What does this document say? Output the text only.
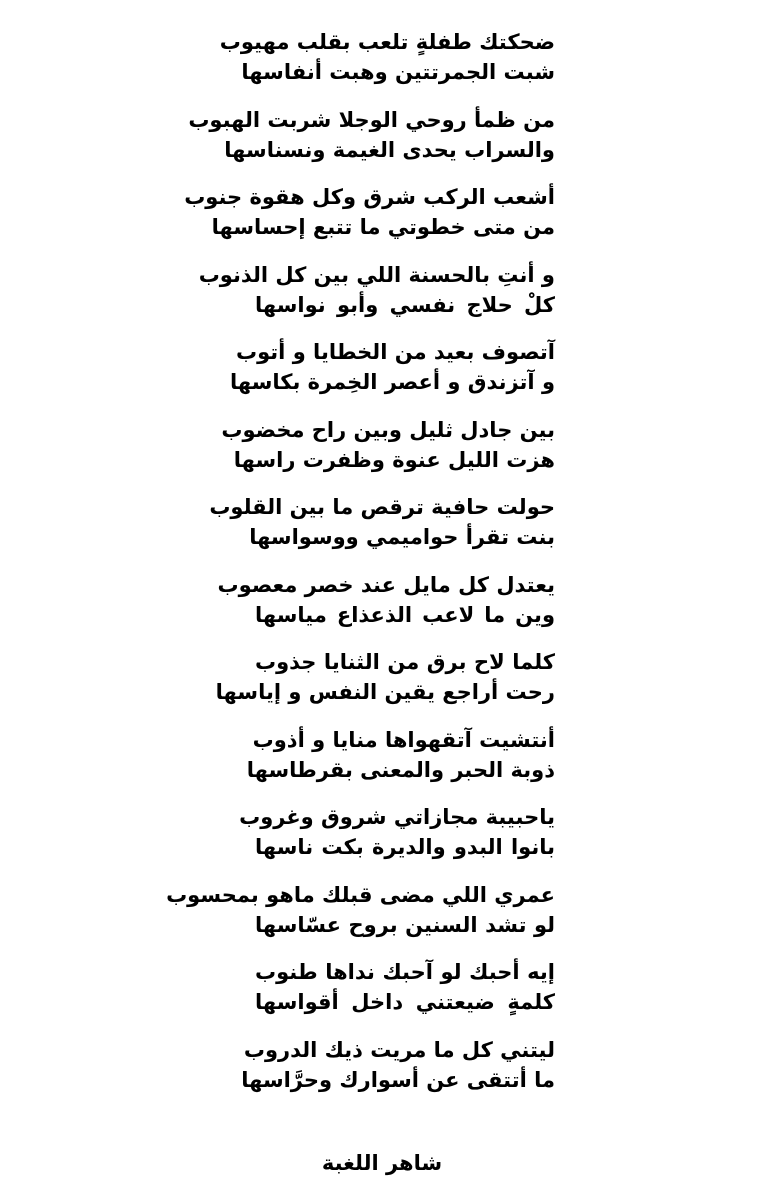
ضحكتك طفلةٍ تلعب بقلب مهيوب
شبت الجمرتتين وهبت أنفاسها
من ظمأ روحي الوجلا شربت الهبوب
والسراب يحدى الغيمة ونسناسها
أشعب الركب شرق وكل هقوة جنوب
من متى خطوتي ما تتبع إحساسها
و أنتِ بالحسنة اللي بين كل الذنوب
كلْ حلاج نفسي وأبو نواسها
آتصوف بعيد من الخطايا و أتوب
و آتزندق و أعصر الخِمرة بكاسها
بين جادل ثليل وبين راح مخضوب
هزت الليل عنوة وظفرت راسها
حولت حافية ترقص ما بين القلوب
بنت تقرأ حواميمي ووسواسها
يعتدل كل مايل عند خصر معصوب
وين ما لاعب الذعذاع مياسها
كلما لاح برق من الثنايا جذوب
رحت أراجع يقين النفس و إياسها
أنتشيت آتقهواها منايا و أذوب
ذوبة الحبر والمعنى بقرطاسها
ياحبيبة مجازاتي شروق وغروب
بانوا البدو والديرة بكت ناسها
عمري اللي مضى قبلك ماهو بمحسوب
لو تشد السنين بروح عسّاسها
إيه أحبك لو آحبك نداها طنوب
كلمةٍ ضيعتني داخل أقواسها
ليتني كل ما مريت ذيك الدروب
ما أتتقى عن أسوارك وحرَّاسها
شاهر اللغبة
